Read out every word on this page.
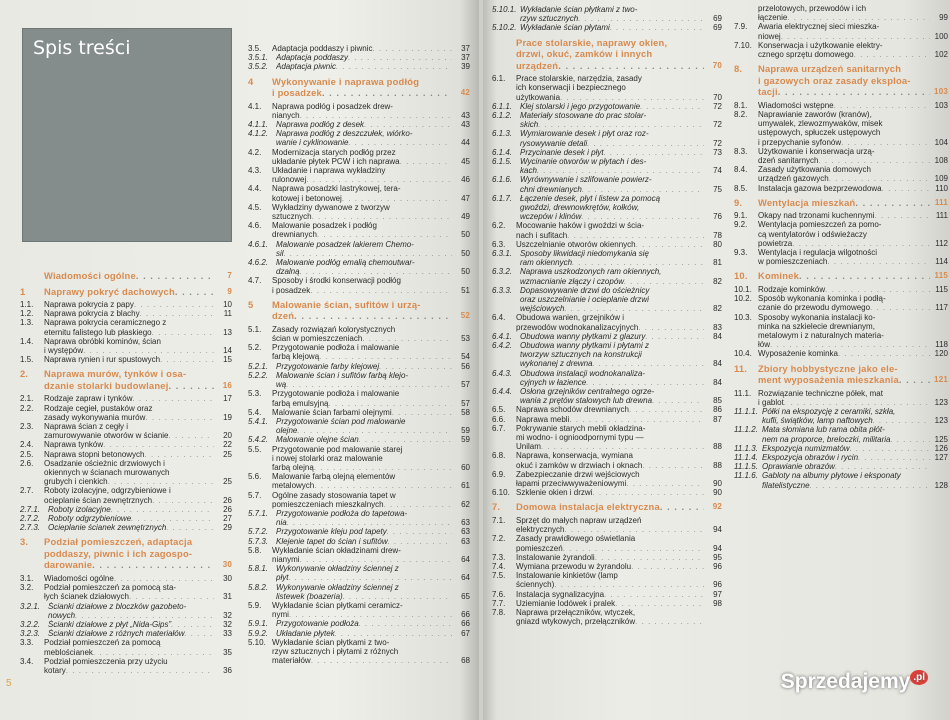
Spis treści
Wiadomości ogólne . . .	7
1	Naprawy pokryć dachowych . . .	9
1.1.	Naprawa pokrycia z papy . . .	10
1.2.	Naprawa pokrycia z blachy . . .	11
1.3.	Naprawa pokrycia ceramicznego z
eternitu falistego lub płaskiego . . .	13
1.4.	Naprawa obróbki kominów, ścian
i występów . . .	14
1.5.	Naprawa rynien i rur spustowych . . .	15
2.	Naprawa murów, tynków i osa-
dzanie stolarki budowlanej . . .	16
2.1.	Rodzaje zapraw i tynków . . .	17
2.2.	Rodzaje cegieł, pustaków oraz
zasady wykonywania murów . . .	19
2.3.	Naprawa ścian z cegły i
zamurowywanie otworów w ścianie . . .	20
2.4.	Naprawa tynków . . .	22
2.5.	Naprawa stopni betonowych . . .	25
2.6.	Osadzanie ościeżnic drzwiowych i
okiennych w ścianach murowanych
grubych i cienkich . . .	25
2.7.	Roboty izolacyjne, odgrzybieniowe i
ocieplanie ścian zewnętrznych . . .	26
2.7.1. Roboty izolacyjne . . .	26
2.7.2. Roboty odgrzybieniowe . . .	27
2.7.3. Ocieplanie ścianek zewnętrznych . . .	29
3.	Podział pomieszczeń, adaptacja
poddaszy, piwnic i ich zagospo-
darowanie . . .	30
3.1.	Wiadomości ogólne . . .	30
3.2.	Podział pomieszczeń za pomocą sta-
łych ścianek działowych . . .	31
3.2.1. Ścianki działowe z bloczków gazobeto-
nowych . . .	32
3.2.2. Ścianki działowe z płyt „Nida-Gips” . . .	32
3.2.3. Ścianki działowe z różnych materiałów . . .	33
3.3.	Podział pomieszczeń za pomocą
meblościanek . . .	35
3.4.	Podział pomieszczenia przy użyciu
kotary . . .	36
3.5.	Adaptacja poddaszy i piwnic . . .	37
3.5.1. Adaptacja poddaszy . . .	37
3.5.2. Adaptacja piwnic . . .	39
4	Wykonywanie i naprawa podłóg
i posadzek . . .	42
4.1.	Naprawa podłóg i posadzek drew-
nianych . . .	43
4.1.1. Naprawa podłóg z desek . . .	43
4.1.2. Naprawa podłóg z deszczułek, wiórko-
wanie i cyklinowanie . . .	44
4.2.	Modernizacja starych podłóg przez
układanie płytek PCW i ich naprawa . . .	45
4.3.	Układanie i naprawa wykładziny
rulonowej . . .	46
4.4.	Naprawa posadzki lastrykowej, tera-
kotowej i betonowej . . .	47
4.5.	Wykładziny dywanowe z tworzyw
sztucznych . . .	49
4.6.	Malowanie posadzek i podłóg
drewnianych . . .	50
4.6.1. Malowanie posadzek lakierem Chemo-
sil . . .	50
4.6.2. Malowanie podłóg emalią chemoutwar-
dzalną . . .	50
4.7.	Sposoby i środki konserwacji podłóg
i posadzek . . .	51
5	Malowanie ścian, sufitów i urzą-
dzeń . . .	52
5.1.	Zasady rozwiązań kolorystycznych
ścian w pomieszczeniach . . .	53
5.2.	Przygotowanie podłoża i malowanie
farbą klejową . . .	54
5.2.1. Przygotowanie farby klejowej . . .	56
5.2.2. Malowanie ścian i sufitów farbą klejo-
wą . . .	57
5.3.	Przygotowanie podłoża i malowanie
farbą emulsyjną . . .	57
5.4.	Malowanie ścian farbami olejnymi . . .	58
5.4.1. Przygotowanie ścian pod malowanie
olejne . . .	59
5.4.2. Malowanie olejne ścian . . .	59
5.5.	Przygotowanie pod malowanie starej
i nowej stolarki oraz malowanie
farbą olejną . . .	60
5.6.	Malowanie farbą olejną elementów
metalowych . . .	61
5.7.	Ogólne zasady stosowania tapet w
pomieszczeniach mieszkalnych . . .	62
5.7.1. Przygotowanie podłoża do tapetowa-
nia . . .	63
5.7.2. Przygotowanie kleju pod tapety . . .	63
5.7.3. Klejenie tapet do ścian i sufitów . . .	63
5.8.	Wykładanie ścian okładzinami drew-
nianymi . . .	64
5.8.1. Wykonywanie okładziny ściennej z
płyt . . .	64
5.8.2. Wykonywanie okładziny ściennej z
listewek (boazeria) . . .	65
5.9.	Wykładanie ścian płytkami ceramicz-
nymi . . .	66
5.9.1. Przygotowanie podłoża . . .	66
5.9.2. Układanie płytek . . .	67
5.10. Wykładanie ścian płytkami z two-
rzyw sztucznych i płytami z różnych
materiałów . . .	68
5
5.10.1. Wykładanie ścian płytkami z two-
rzyw sztucznych . . .	69
5.10.2. Wykładanie ścian płytami . . .	69
Prace stolarskie, naprawy okien,
drzwi, okuć, zamków i innych
urządzeń . . .	70
6.1.	Prace stolarskie, narzędzia, zasady
ich konserwacji i bezpiecznego
użytkowania . . .	70
6.1.1. Klej stolarski i jego przygotowanie . . .	72
6.1.2. Materiały stosowane do prac stolar-
skich . . .	72
6.1.3. Wymiarowanie desek i płyt oraz roz-
rysowywanie detali . . .	72
6.1.4. Przycinanie desek i płyt . . .	73
6.1.5. Wycinanie otworów w płytach i des-
kach . . .	74
6.1.6. Wyrównywanie i szlifowanie powierz-
chni drewnianych . . .	75
6.1.7. Łączenie desek, płyt i listew za pomocą
gwoździ, drewnowkrętów, kołków,
wczepów i klinów . . .	76
6.2.	Mocowanie haków i gwoździ w ścia-
nach i sufitach . . .	78
6.3.	Uszczelnianie otworów okiennych . . .	80
6.3.1. Sposoby likwidacji niedomykania się
ram okiennych . . .	81
6.3.2. Naprawa uszkodzonych ram okiennych,
wzmacnianie złączy i czopów . . .	82
6.3.3. Dopasowywanie drzwi do ościeżnicy
oraz uszczelnianie i ocieplanie drzwi
wejściowych . . .	82
6.4.	Obudowa wanien, grzejników i
przewodów wodnokanalizacyjnych . . .	83
6.4.1. Obudowa wanny płytkami z glazury . . .	84
6.4.2. Obudowa wanny płytkami i płytami z
tworzyw sztucznych na konstrukcji
wykonanej z drewna . . .	84
6.4.3. Obudowa instalacji wodnokanaliza-
cyjnych w łazience . . .	84
6.4.4. Osłona grzejników centralnego ogrze-
wania z prętów stalowych lub drewna . . .	85
6.5.	Naprawa schodów drewnianych . . .	86
6.6.	Naprawa mebli . . .	87
6.7.	Pokrywanie starych mebli okładzina-
mi wodno- i ognioodpornymi typu —
Unilam . . .	88
6.8.	Naprawa, konserwacja, wymiana
okuć i zamków w drzwiach i oknach . . .	88
6.9.	Zabezpieczanie drzwi wejściowych
łapami przeciwwyważeniowymi . . .	90
6.10. Szklenie okien i drzwi . . .	90
7.	Domowa instalacja elektryczna . . .	92
7.1.	Sprzęt do małych napraw urządzeń
elektrycznych . . .	94
7.2.	Zasady prawidłowego oświetlania
pomieszczeń . . .	94
7.3.	Instalowanie żyrandoli . . .	95
7.4.	Wymiana przewodu w żyrandolu . . .	96
7.5.	Instalowanie kinkietów (lamp
ściennych) . . .	96
7.6.	Instalacja sygnalizacyjna . . .	97
7.7.	Uziemianie lodówek i pralek . . .	98
7.8.	Naprawa przełączników, wtyczek,
gniazd wtykowych, przełączników . . .
przelotowych, przewodów i ich
łączenie . . .	99
7.9.	Awaria elektrycznej sieci mieszka-
niowej . . .	100
7.10. Konserwacja i użytkowanie elektry-
cznego sprzętu domowego . . .	102
8.	Naprawa urządzeń sanitarnych
i gazowych oraz zasady eksploa-
tacji . . .	103
8.1.	Wiadomości wstępne . . .	103
8.2.	Naprawianie zaworów (kranów),
umywalek, zlewozmywaków, misek
ustępowych, spłuczek ustępowych
i przepychanie syfonów . . .	104
8.3.	Użytkowanie i konserwacja urzą-
dzeń sanitarnych . . .	108
8.4.	Zasady użytkowania domowych
urządzeń gazowych . . .	109
8.5.	Instalacja gazowa bezprzewodowa . . .	110
9.	Wentylacja mieszkań . . .	111
9.1.	Okapy nad trzonami kuchennymi . . .	111
9.2.	Wentylacja pomieszczeń za pomo-
cą wentylatorów i odświeżaczy
powietrza . . .	112
9.3.	Wentylacja i regulacja wilgotności
w pomieszczeniach . . .	114
10.	Kominek . . .	115
10.1. Rodzaje kominków . . .	115
10.2. Sposób wykonania kominka i podłą-
czanie do przewodu dymowego . . .	117
10.3. Sposoby wykonania instalacji ko-
minka na szkielecie drewnianym,
metalowym i z naturalnych materia-
łów . . .	118
10.4. Wyposażenie kominka . . .	120
11.	Zbiory hobbystyczne jako ele-
ment wyposażenia mieszkania . . .	121
11.1. Rozwiązanie techniczne półek, mat
i gablot . . .	123
11.1.1. Półki na ekspozycję z ceramiki, szkła,
kufli, świątków, lamp naftowych . . .	123
11.1.2. Mata słomiana lub rama obita płót-
nem na proporce, breloczki, militaria . . .	125
11.1.3. Ekspozycja numizmatów . . .	126
11.1.4. Ekspozycja obrazów i rycin . . .	127
11.1.5. Oprawianie obrazów . . .
11.1.6. Gabloty na albumy płytowe i eksponaty
filatelistyczne . . .	128
Sprzedajemy $^{.pl}$
